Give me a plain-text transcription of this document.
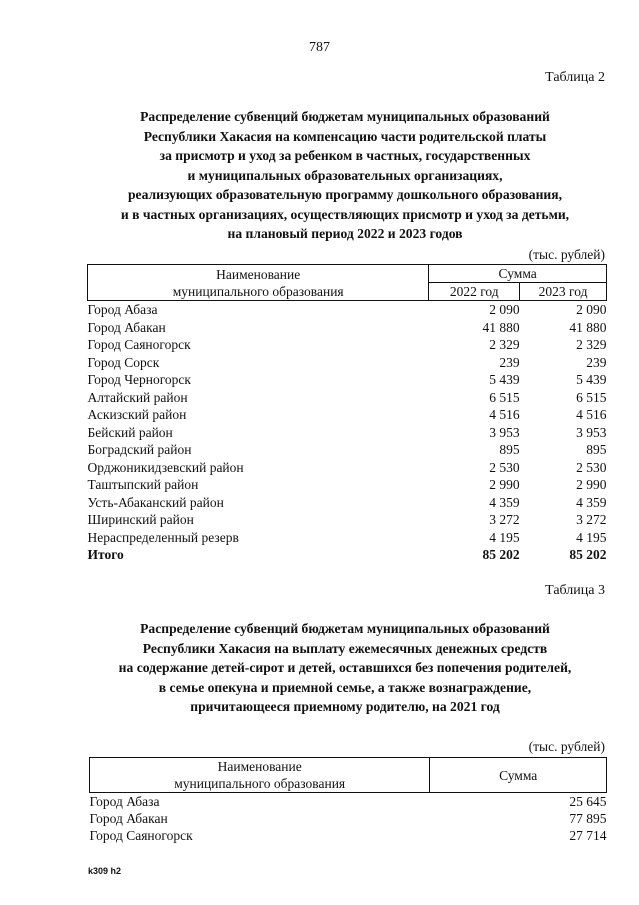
787
Таблица 2
Распределение субвенций бюджетам муниципальных образований
Республики Хакасия на компенсацию части родительской платы
за присмотр и уход за ребенком в частных, государственных
и муниципальных образовательных организациях,
реализующих образовательную программу дошкольного образования,
и в частных организациях, осуществляющих присмотр и уход за детьми,
на плановый период 2022 и 2023 годов
(тыс. рублей)
Наименование
муниципального образования	Сумма	
	2022 год	2023 год
Город Абаза	2 090	2 090
Город Абакан	41 880	41 880
Город Саяногорск	2 329	2 329
Город Сорск	239	239
Город Черногорск	5 439	5 439
Алтайский район	6 515	6 515
Аскизский район	4 516	4 516
Бейский район	3 953	3 953
Боградский район	895	895
Орджоникидзевский район	2 530	2 530
Таштыпский район	2 990	2 990
Усть-Абаканский район	4 359	4 359
Ширинский район	3 272	3 272
Нераспределенный резерв	4 195	4 195
Итого	85 202	85 202
Таблица 3
Распределение субвенций бюджетам муниципальных образований
Республики Хакасия на выплату ежемесячных денежных средств
на содержание детей-сирот и детей, оставшихся без попечения родителей,
в семье опекуна и приемной семье, а также вознаграждение,
причитающееся приемному родителю, на 2021 год
(тыс. рублей)
Наименование
муниципального образования	Сумма
Город Абаза	25 645
Город Абакан	77 895
Город Саяногорск	27 714
k309 h2
